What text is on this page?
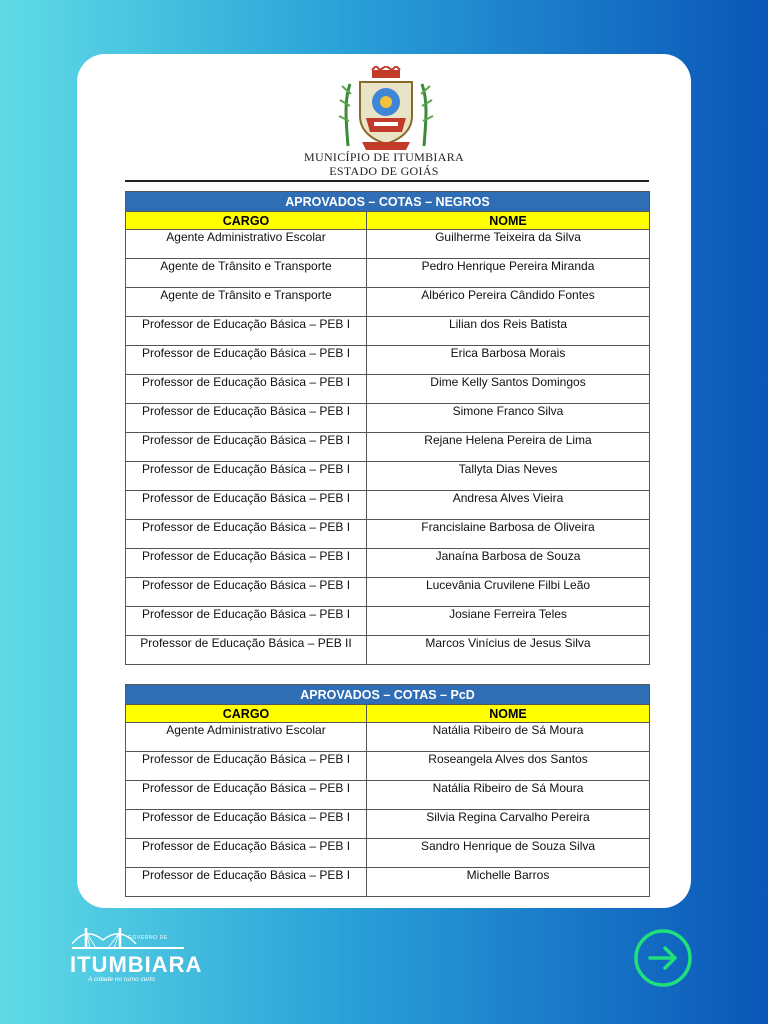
MUNICÍPIO DE ITUMBIARA
ESTADO DE GOIÁS
APROVADOS – COTAS – NEGROS	
CARGO	NOME
Agente Administrativo Escolar	Guilherme Teixeira da Silva
Agente de Trânsito e Transporte	Pedro Henrique Pereira Miranda
Agente de Trânsito e Transporte	Albérico Pereira Cândido Fontes
Professor de Educação Básica – PEB I	Lilian dos Reis Batista
Professor de Educação Básica – PEB I	Erica Barbosa Morais
Professor de Educação Básica – PEB I	Dime Kelly Santos Domingos
Professor de Educação Básica – PEB I	Simone Franco Silva
Professor de Educação Básica – PEB I	Rejane Helena Pereira de Lima
Professor de Educação Básica – PEB I	Tallyta Dias Neves
Professor de Educação Básica – PEB I	Andresa Alves Vieira
Professor de Educação Básica – PEB I	Francislaine Barbosa de Oliveira
Professor de Educação Básica – PEB I	Janaína Barbosa de Souza
Professor de Educação Básica – PEB I	Lucevânia Cruvilene Filbi Leão
Professor de Educação Básica – PEB I	Josiane Ferreira Teles
Professor de Educação Básica – PEB II	Marcos Vinícius de Jesus Silva
APROVADOS – COTAS – PcD	
CARGO	NOME
Agente Administrativo Escolar	Natália Ribeiro de Sá Moura
Professor de Educação Básica – PEB I	Roseangela Alves dos Santos
Professor de Educação Básica – PEB I	Natália Ribeiro de Sá Moura
Professor de Educação Básica – PEB I	Silvia Regina Carvalho Pereira
Professor de Educação Básica – PEB I	Sandro Henrique de Souza Silva
Professor de Educação Básica – PEB I	Michelle Barros
GOVERNO DE
ITUMBIARA
A cidade no rumo certo
